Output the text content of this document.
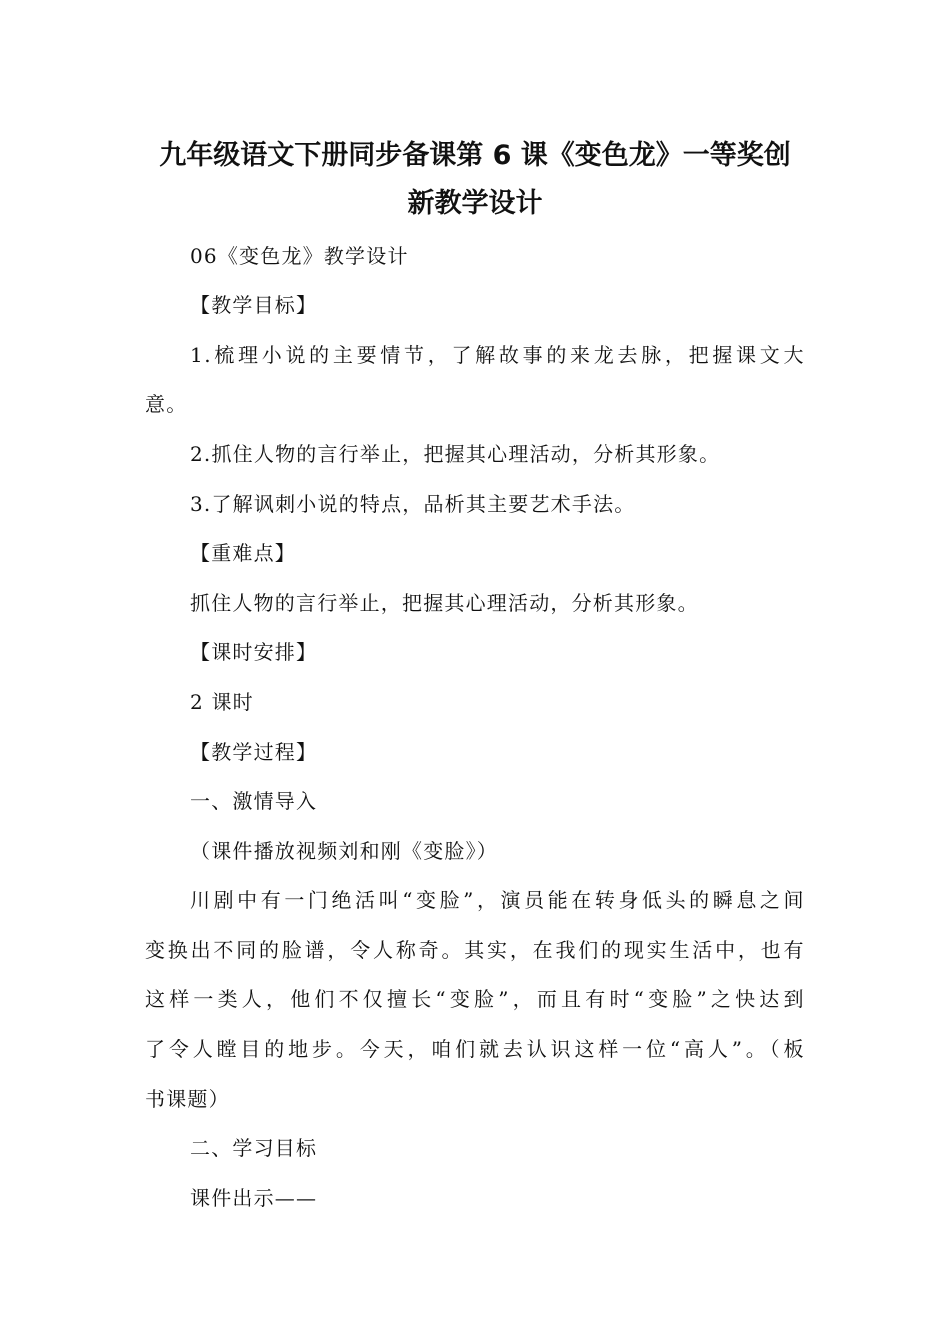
九年级语文下册同步备课第 6 课《变色龙》一等奖创
新教学设计
06《变色龙》教学设计
【教学目标】
1.梳理小说的主要情节，了解故事的来龙去脉，把握课文大
意。
2.抓住人物的言行举止，把握其心理活动，分析其形象。
3.了解讽刺小说的特点，品析其主要艺术手法。
【重难点】
抓住人物的言行举止，把握其心理活动，分析其形象。
【课时安排】
2 课时
【教学过程】
一、激情导入
（课件播放视频刘和刚《变脸》）
川剧中有一门绝活叫“变脸”，演员能在转身低头的瞬息之间
变换出不同的脸谱，令人称奇。其实，在我们的现实生活中，也有
这样一类人，他们不仅擅长“变脸”，而且有时“变脸”之快达到
了令人瞠目的地步。今天，咱们就去认识这样一位“高人”。（板
书课题）
二、学习目标
课件出示——
